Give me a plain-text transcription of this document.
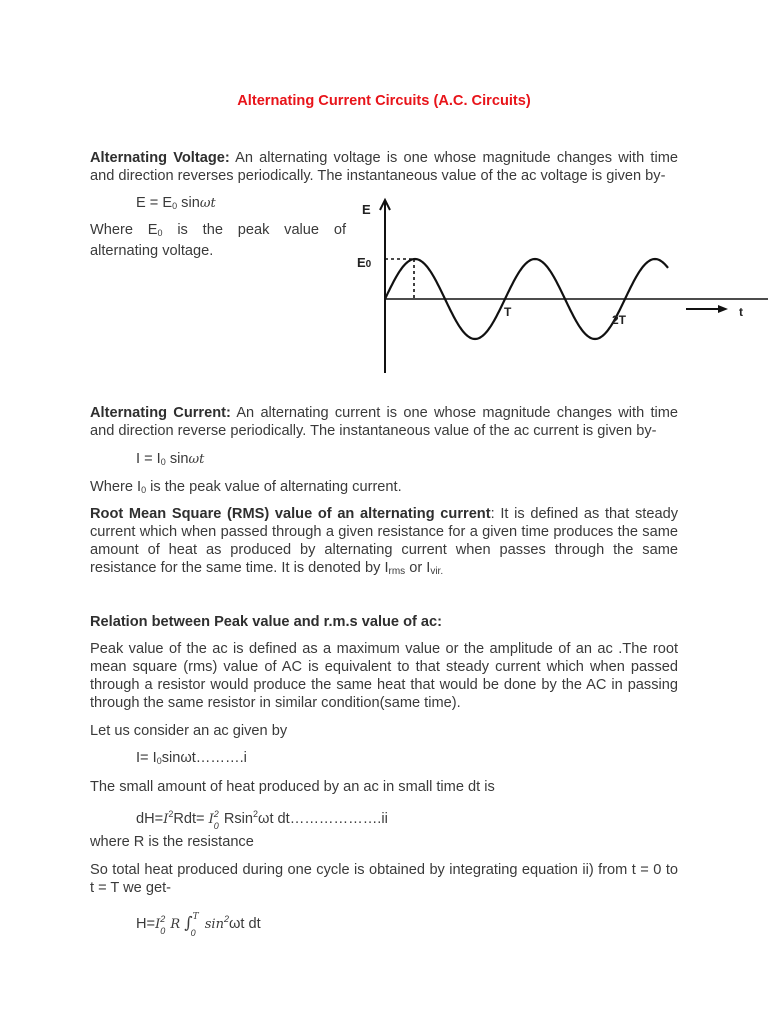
Alternating Current Circuits (A.C. Circuits)
Alternating Voltage: An alternating voltage is one whose magnitude changes with time and direction reverses periodically. The instantaneous value of the ac voltage is given by-
$E = E_0$ sinωt
Where $E_0$ is the peak value of alternating voltage.
E
E0
T
2T
t
Alternating Current: An alternating current is one whose magnitude changes with time and direction reverse periodically. The instantaneous value of the ac current is given by-
$I = I_0$ sinωt
Where $I_0$ is the peak value of alternating current.
Root Mean Square (RMS) value of an alternating current: It is defined as that steady current which when passed through a given resistance for a given time produces the same amount of heat as produced by alternating current when passes through the same resistance for the same time. It is denoted by $I_{rms}$ or $I_{vir.}$
Relation between Peak value and r.m.s value of ac:
Peak value of the ac is defined as a maximum value or the amplitude of an ac .The root mean square (rms) value of AC is equivalent to that steady current which when passed through a resistor would produce the same heat that would be done by the AC in passing through the same resistor in similar condition(same time).
Let us consider an ac given by
$I= I_0\sin\omega t\dots\dots\dots.i$
The small amount of heat produced by an ac in small time dt is
$dH=I^2Rdt= I$ 2
0 Rsin$^2$ωt dt……………….ii
where R is the resistance
So total heat produced during one cycle is obtained by integrating equation ii) from t = 0 to t = T we get-
H=I 2
0 R ∫ T
0
$\sin^2\omega t$ dt
